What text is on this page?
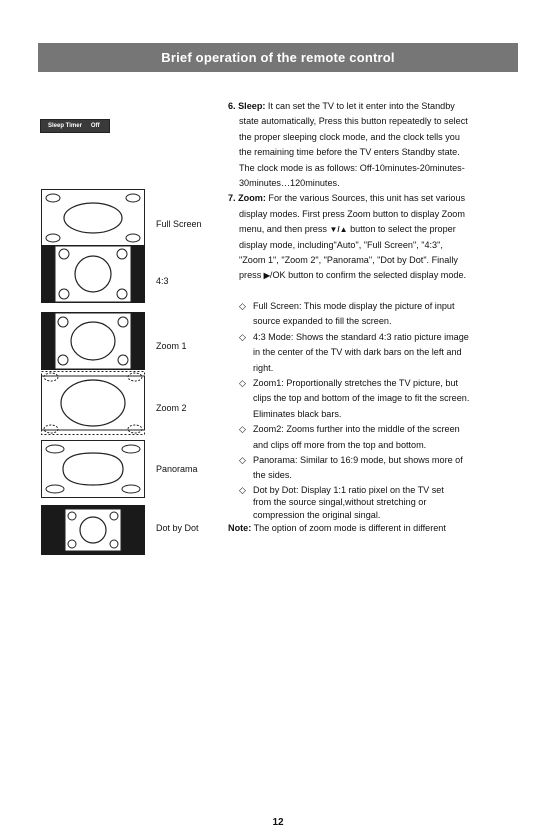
Brief operation of the remote control
Sleep Timer Off
Full Screen
4:3
Zoom 1
Zoom 2
Panorama
Dot by Dot

6. Sleep: It can set the TV to let it enter into the Standby

state automatically, Press this button repeatedly to select

the proper sleeping clock mode, and the clock tells you

the remaining time before the TV enters Standby state.

The clock mode is as follows: Off-10minutes-20minutes-

30minutes…120minutes.

7. Zoom: For the various Sources, this unit has set various

display modes. First press Zoom button to display Zoom

menu, and then press ▼/▲ button to select the proper

display mode, including"Auto", "Full Screen", "4:3",

"Zoom 1", "Zoom 2", "Panorama", "Dot by Dot". Finally

press ▶/OK button to confirm the selected display mode.

◇ Full Screen: This mode display the picture of input

source expanded to fill the screen.

◇ 4:3 Mode: Shows the standard 4:3 ratio picture image

in the center of the TV with dark bars on the left and

right.

◇ Zoom1: Proportionally stretches the TV picture, but

clips the top and bottom of the image to fit the screen.

Eliminates black bars.

◇ Zoom2: Zooms further into the middle of the screen

and clips off more from the top and bottom.

◇ Panorama: Similar to 16:9 mode, but shows more of

the sides.

◇ Dot by Dot: Display 1:1 ratio pixel on the TV set

from the source singal,without stretching or

compression the original singal.

Note: The option of zoom mode is different in different

12
